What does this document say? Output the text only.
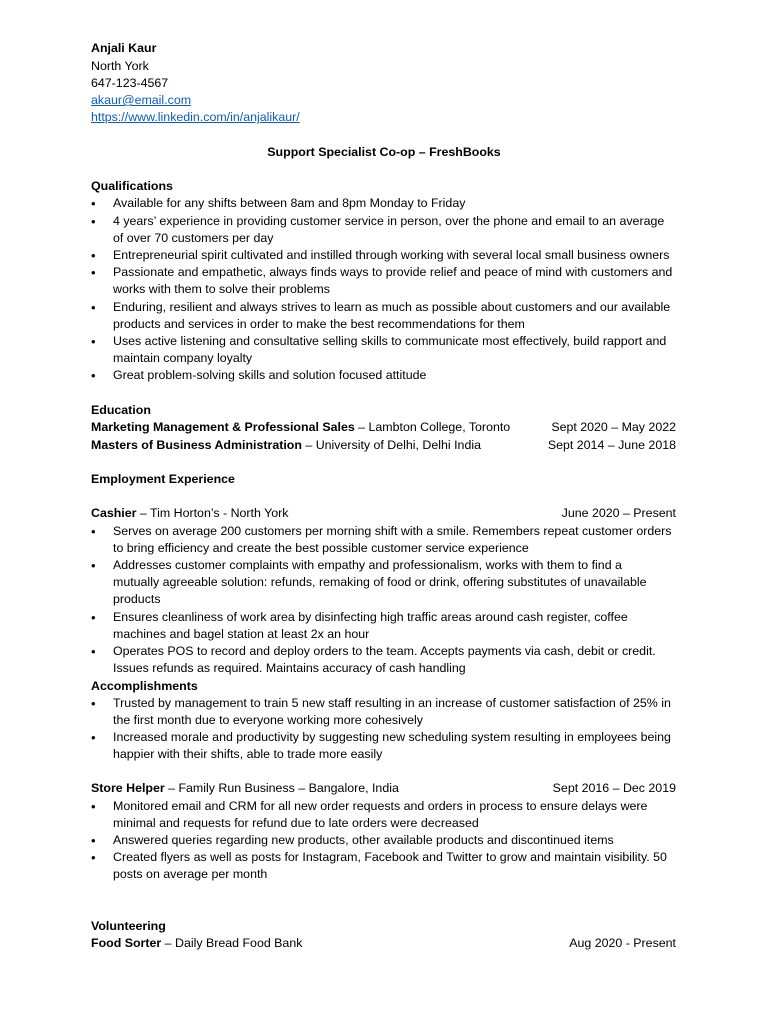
Anjali Kaur
North York
647-123-4567
akaur@email.com
https://www.linkedin.com/in/anjalikaur/
Support Specialist Co-op – FreshBooks
Qualifications
• Available for any shifts between 8am and 8pm Monday to Friday
• 4 years’ experience in providing customer service in person, over the phone and email to an average
of over 70 customers per day
• Entrepreneurial spirit cultivated and instilled through working with several local small business owners
• Passionate and empathetic, always finds ways to provide relief and peace of mind with customers and
works with them to solve their problems
• Enduring, resilient and always strives to learn as much as possible about customers and our available
products and services in order to make the best recommendations for them
• Uses active listening and consultative selling skills to communicate most effectively, build rapport and
maintain company loyalty
• Great problem-solving skills and solution focused attitude
Education
Marketing Management & Professional Sales – Lambton College, Toronto	Sept 2020 – May 2022
Masters of Business Administration – University of Delhi, Delhi India	Sept 2014 – June 2018
Employment Experience
Cashier – Tim Horton’s - North York	June 2020 – Present
• Serves on average 200 customers per morning shift with a smile. Remembers repeat customer orders
to bring efficiency and create the best possible customer service experience
• Addresses customer complaints with empathy and professionalism, works with them to find a
mutually agreeable solution: refunds, remaking of food or drink, offering substitutes of unavailable
products
• Ensures cleanliness of work area by disinfecting high traffic areas around cash register, coffee
machines and bagel station at least 2x an hour
• Operates POS to record and deploy orders to the team. Accepts payments via cash, debit or credit.
Issues refunds as required. Maintains accuracy of cash handling
Accomplishments
• Trusted by management to train 5 new staff resulting in an increase of customer satisfaction of 25% in
the first month due to everyone working more cohesively
• Increased morale and productivity by suggesting new scheduling system resulting in employees being
happier with their shifts, able to trade more easily
Store Helper – Family Run Business – Bangalore, India	Sept 2016 – Dec 2019
• Monitored email and CRM for all new order requests and orders in process to ensure delays were
minimal and requests for refund due to late orders were decreased
• Answered queries regarding new products, other available products and discontinued items
• Created flyers as well as posts for Instagram, Facebook and Twitter to grow and maintain visibility. 50
posts on average per month
Volunteering
Food Sorter – Daily Bread Food Bank	Aug 2020 - Present
